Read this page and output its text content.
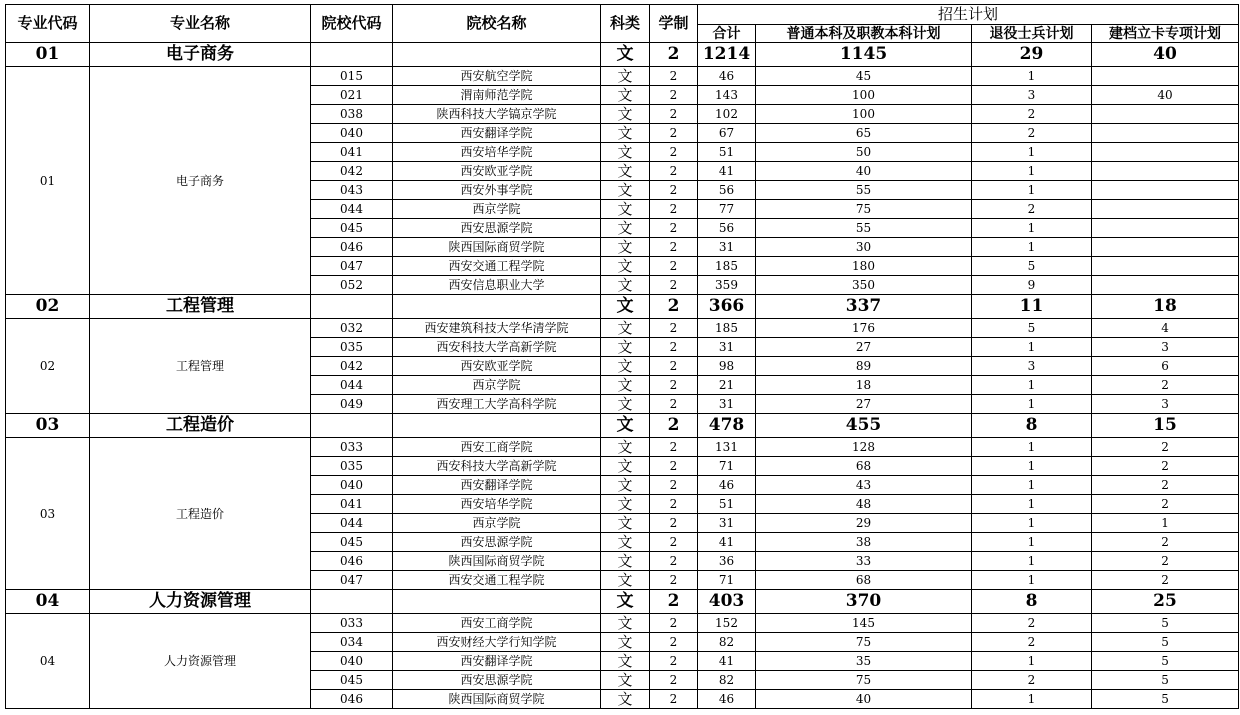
专业代码	专业名称	院校代码	院校名称	科类	学制	招生计划			
						合计	普通本科及职教本科计划	退役士兵计划	建档立卡专项计划
01	电子商务			文	2	1214	1145	29	40
01	电子商务	015	西安航空学院	文	2	46	45	1	
		021	渭南师范学院	文	2	143	100	3	40
		038	陕西科技大学镐京学院	文	2	102	100	2	
		040	西安翻译学院	文	2	67	65	2	
		041	西安培华学院	文	2	51	50	1	
		042	西安欧亚学院	文	2	41	40	1	
		043	西安外事学院	文	2	56	55	1	
		044	西京学院	文	2	77	75	2	
		045	西安思源学院	文	2	56	55	1	
		046	陕西国际商贸学院	文	2	31	30	1	
		047	西安交通工程学院	文	2	185	180	5	
		052	西安信息职业大学	文	2	359	350	9	
02	工程管理			文	2	366	337	11	18
02	工程管理	032	西安建筑科技大学华清学院	文	2	185	176	5	4
		035	西安科技大学高新学院	文	2	31	27	1	3
		042	西安欧亚学院	文	2	98	89	3	6
		044	西京学院	文	2	21	18	1	2
		049	西安理工大学高科学院	文	2	31	27	1	3
03	工程造价			文	2	478	455	8	15
03	工程造价	033	西安工商学院	文	2	131	128	1	2
		035	西安科技大学高新学院	文	2	71	68	1	2
		040	西安翻译学院	文	2	46	43	1	2
		041	西安培华学院	文	2	51	48	1	2
		044	西京学院	文	2	31	29	1	1
		045	西安思源学院	文	2	41	38	1	2
		046	陕西国际商贸学院	文	2	36	33	1	2
		047	西安交通工程学院	文	2	71	68	1	2
04	人力资源管理			文	2	403	370	8	25
04	人力资源管理	033	西安工商学院	文	2	152	145	2	5
		034	西安财经大学行知学院	文	2	82	75	2	5
		040	西安翻译学院	文	2	41	35	1	5
		045	西安思源学院	文	2	82	75	2	5
		046	陕西国际商贸学院	文	2	46	40	1	5
